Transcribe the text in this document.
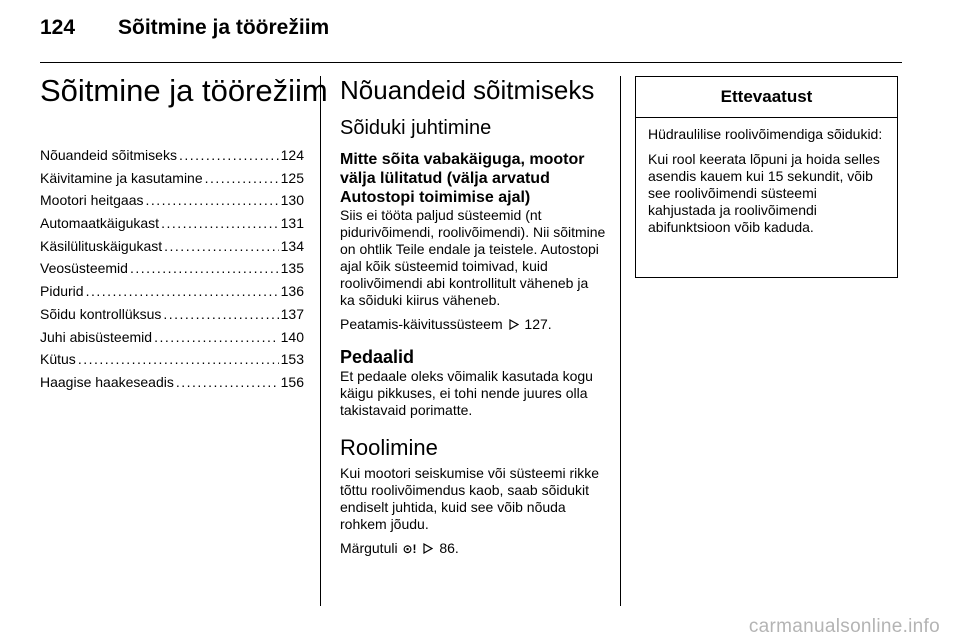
124 Sõitmine ja töörežiim
Sõitmine ja töörežiim
Nõuandeid sõitmiseks . . .	124
Käivitamine ja kasutamine . . .	125
Mootori heitgaas . . .	130
Automaatkäigukast . . .	131
Käsilülituskäigukast . . .	134
Veosüsteemid . . .	135
Pidurid . . .	136
Sõidu kontrollüksus . . .	137
Juhi abisüsteemid . . .	140
Kütus . . .	153
Haagise haakeseadis . . .	156
Nõuandeid sõitmiseks
Sõiduki juhtimine

Mitte sõita vabakäiguga, mootor välja lülitatud (välja arvatud Autostopi toimimise ajal)

Siis ei tööta paljud süsteemid (nt pidurivõimendi, roolivõimendi). Nii sõitmine on ohtlik Teile endale ja teistele. Autostopi ajal kõik süsteemid toimivad, kuid roolivõimendi abi kontrollitult väheneb ja ka sõiduki kiirus väheneb.

Peatamis-käivitussüsteem 127.

Pedaalid

Et pedaale oleks võimalik kasutada kogu käigu pikkuses, ei tohi nende juures olla takistavaid porimatte.

Roolimine

Kui mootori seiskumise või süsteemi rikke tõttu roolivõimendus kaob, saab sõidukit endiselt juhtida, kuid see võib nõuda rohkem jõudu.

Märgutuli ⊙! 86.

Ettevaatust

Hüdraulilise roolivõimendiga sõidukid:

Kui rool keerata lõpuni ja hoida selles asendis kauem kui 15 sekundit, võib see roolivõimendi süsteemi kahjustada ja roolivõimendi abifunktsioon võib kaduda.

carmanualsonline.info
